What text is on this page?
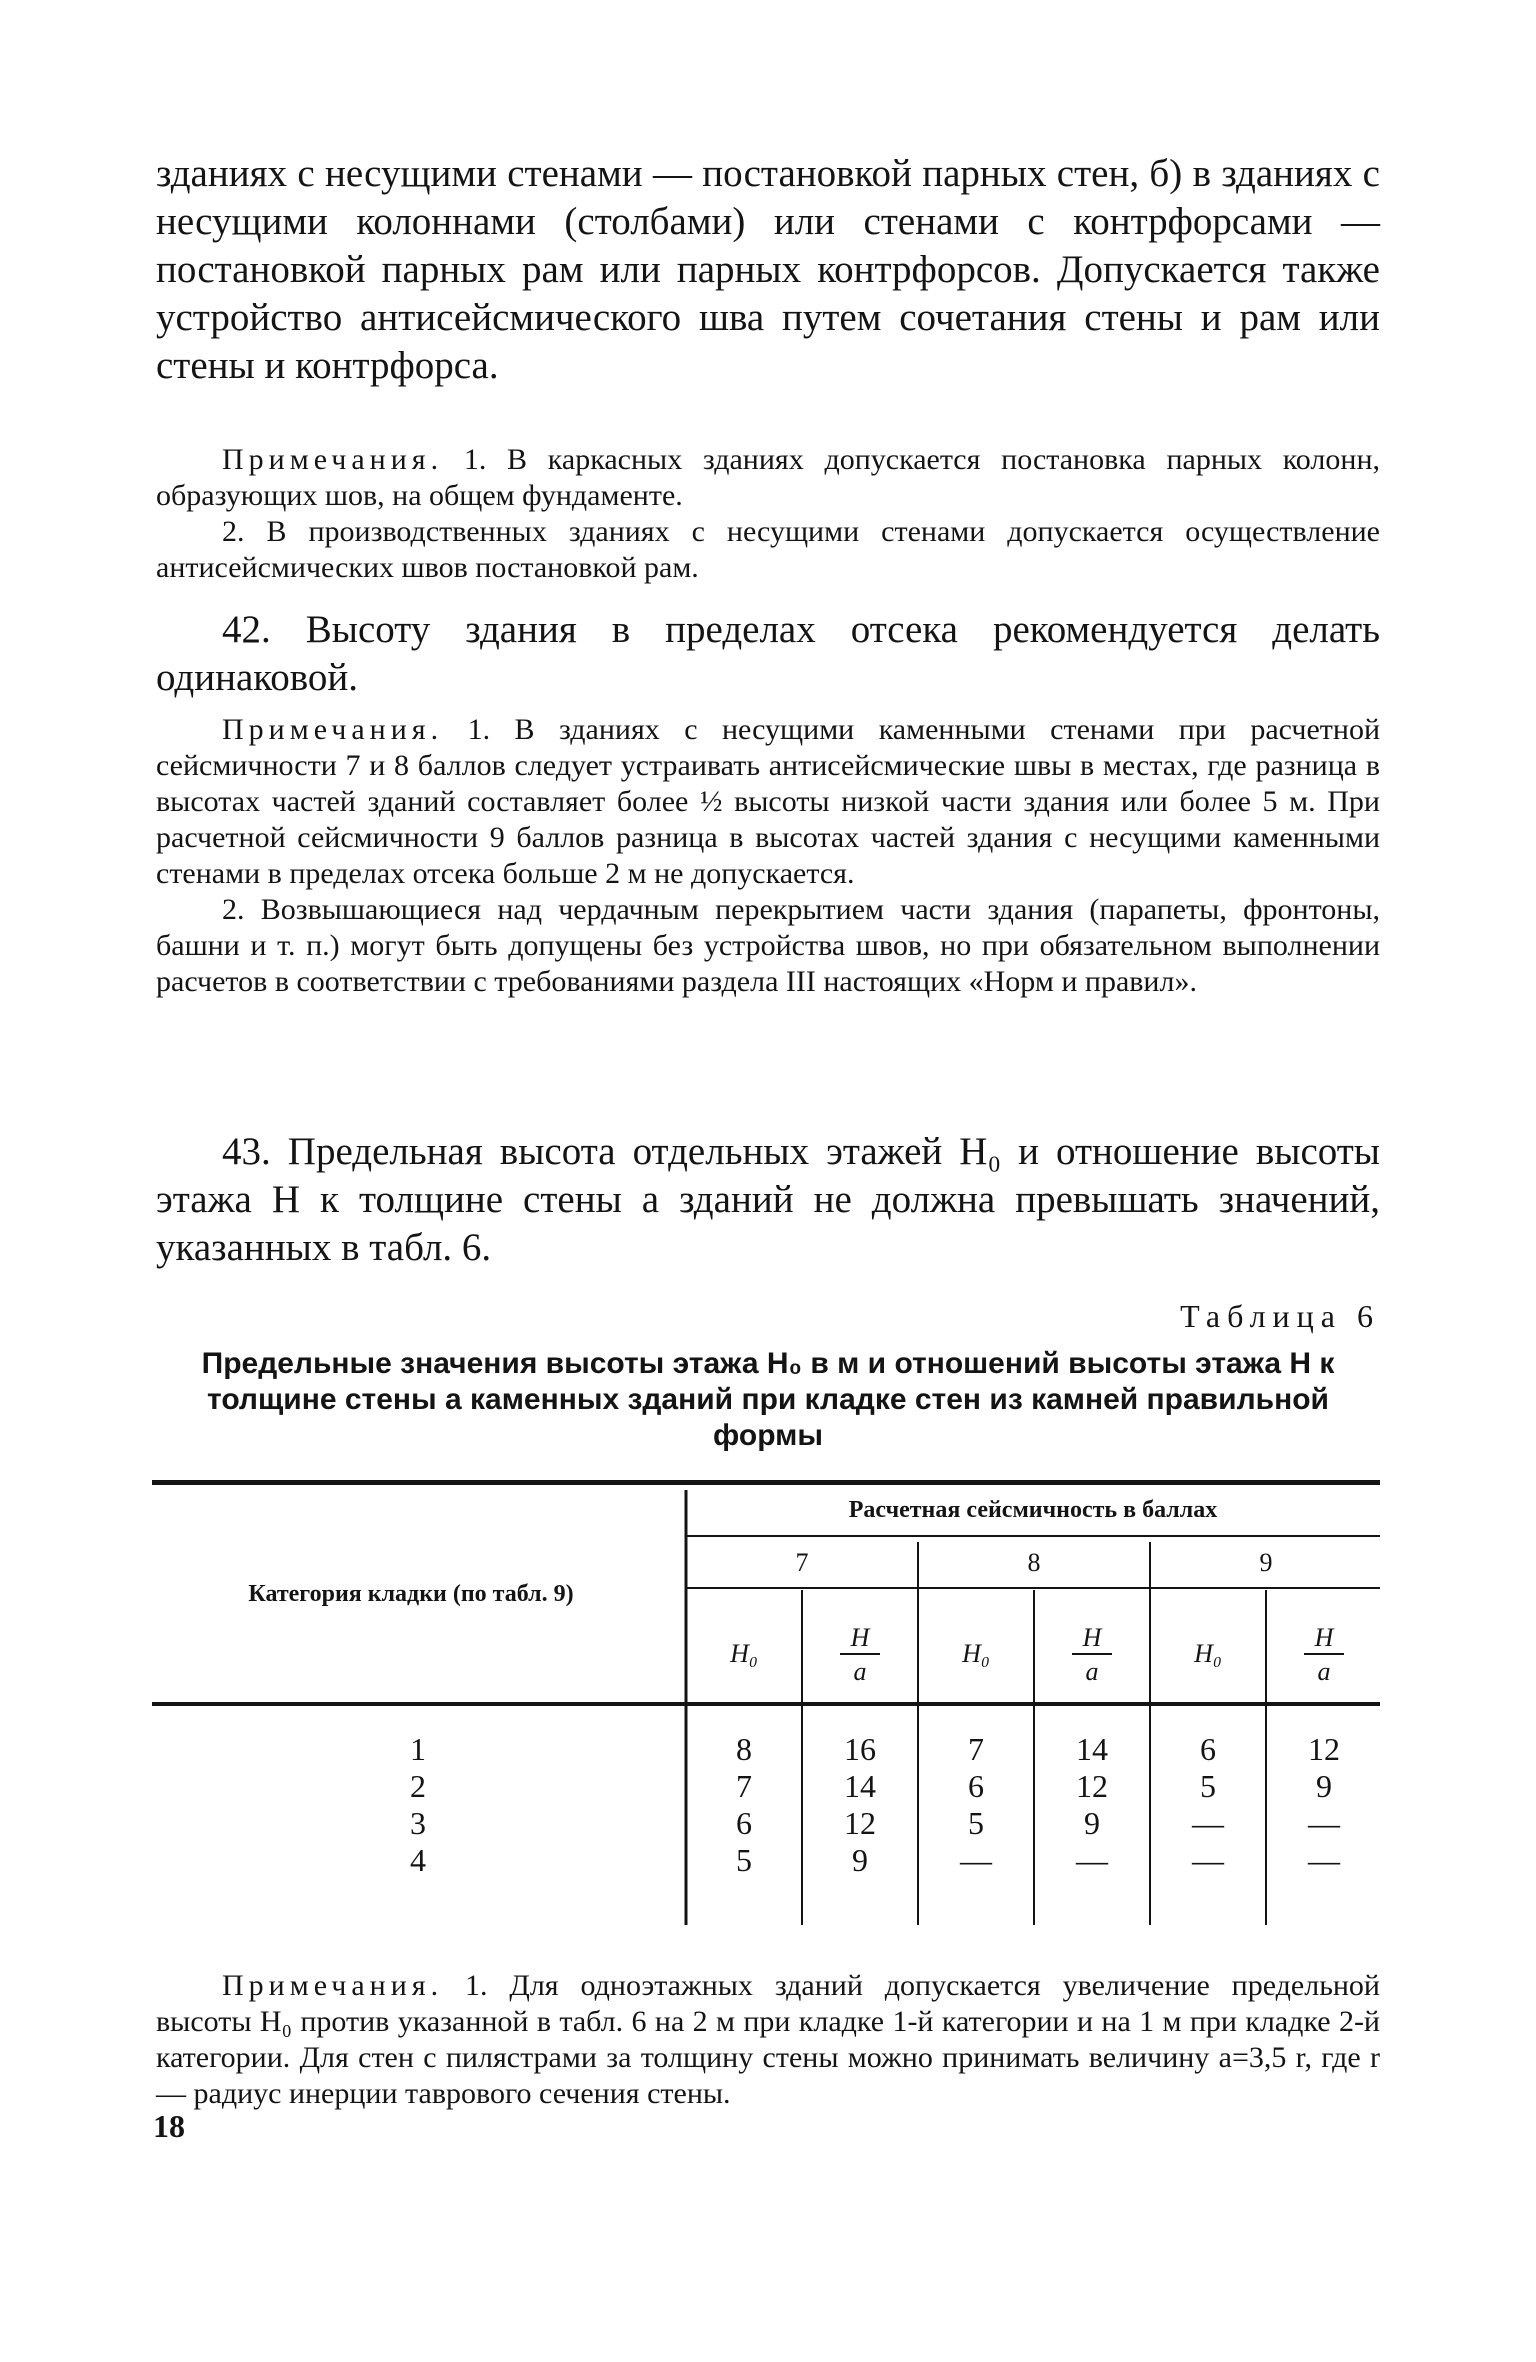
зданиях с несущими стенами — постановкой парных стен, б) в зданиях с несущими колоннами (столбами) или стенами с контрфорсами — постановкой парных рам или парных контрфорсов. Допускается также устройство антисейсмического шва путем сочетания стены и рам или стены и контрфорса.

Примечания. 1. В каркасных зданиях допускается постановка парных колонн, образующих шов, на общем фундаменте.

2. В производственных зданиях с несущими стенами допускается осуществление антисейсмических швов постановкой рам.

42. Высоту здания в пределах отсека рекомендуется делать одинаковой.

Примечания. 1. В зданиях с несущими каменными стенами при расчетной сейсмичности 7 и 8 баллов следует устраивать антисейсмические швы в местах, где разница в высотах частей зданий составляет более ½ высоты низкой части здания или более 5 м. При расчетной сейсмичности 9 баллов разница в высотах частей здания с несущими каменными стенами в пределах отсека больше 2 м не допускается.

2. Возвышающиеся над чердачным перекрытием части здания (парапеты, фронтоны, башни и т. п.) могут быть допущены без устройства швов, но при обязательном выполнении расчетов в соответствии с требованиями раздела III настоящих «Норм и правил».

43. Предельная высота отдельных этажей H₀ и отношение высоты этажа H к толщине стены a зданий не должна превышать значений, указанных в табл. 6.

Таблица 6
Предельные значения высоты этажа H₀ в м и отношений высоты этажа H к толщине стены a каменных зданий при кладке стен из камней правильной формы
Расчетная сейсмичность в баллах
Категория кладки (по табл. 9)
7	8	9
H₀
H
a
H₀
H
a
H₀
H
a
1
2
3
4
8
7
6
5
16
14
12
9
7
6
5
—
14
12
9
—
6
5
—
—
12
9
—
—

Примечания. 1. Для одноэтажных зданий допускается увеличение предельной высоты H₀ против указанной в табл. 6 на 2 м при кладке 1-й категории и на 1 м при кладке 2-й категории. Для стен с пилястрами за толщину стены можно принимать величину a=3,5 r, где r — радиус инерции таврового сечения стены.

18
